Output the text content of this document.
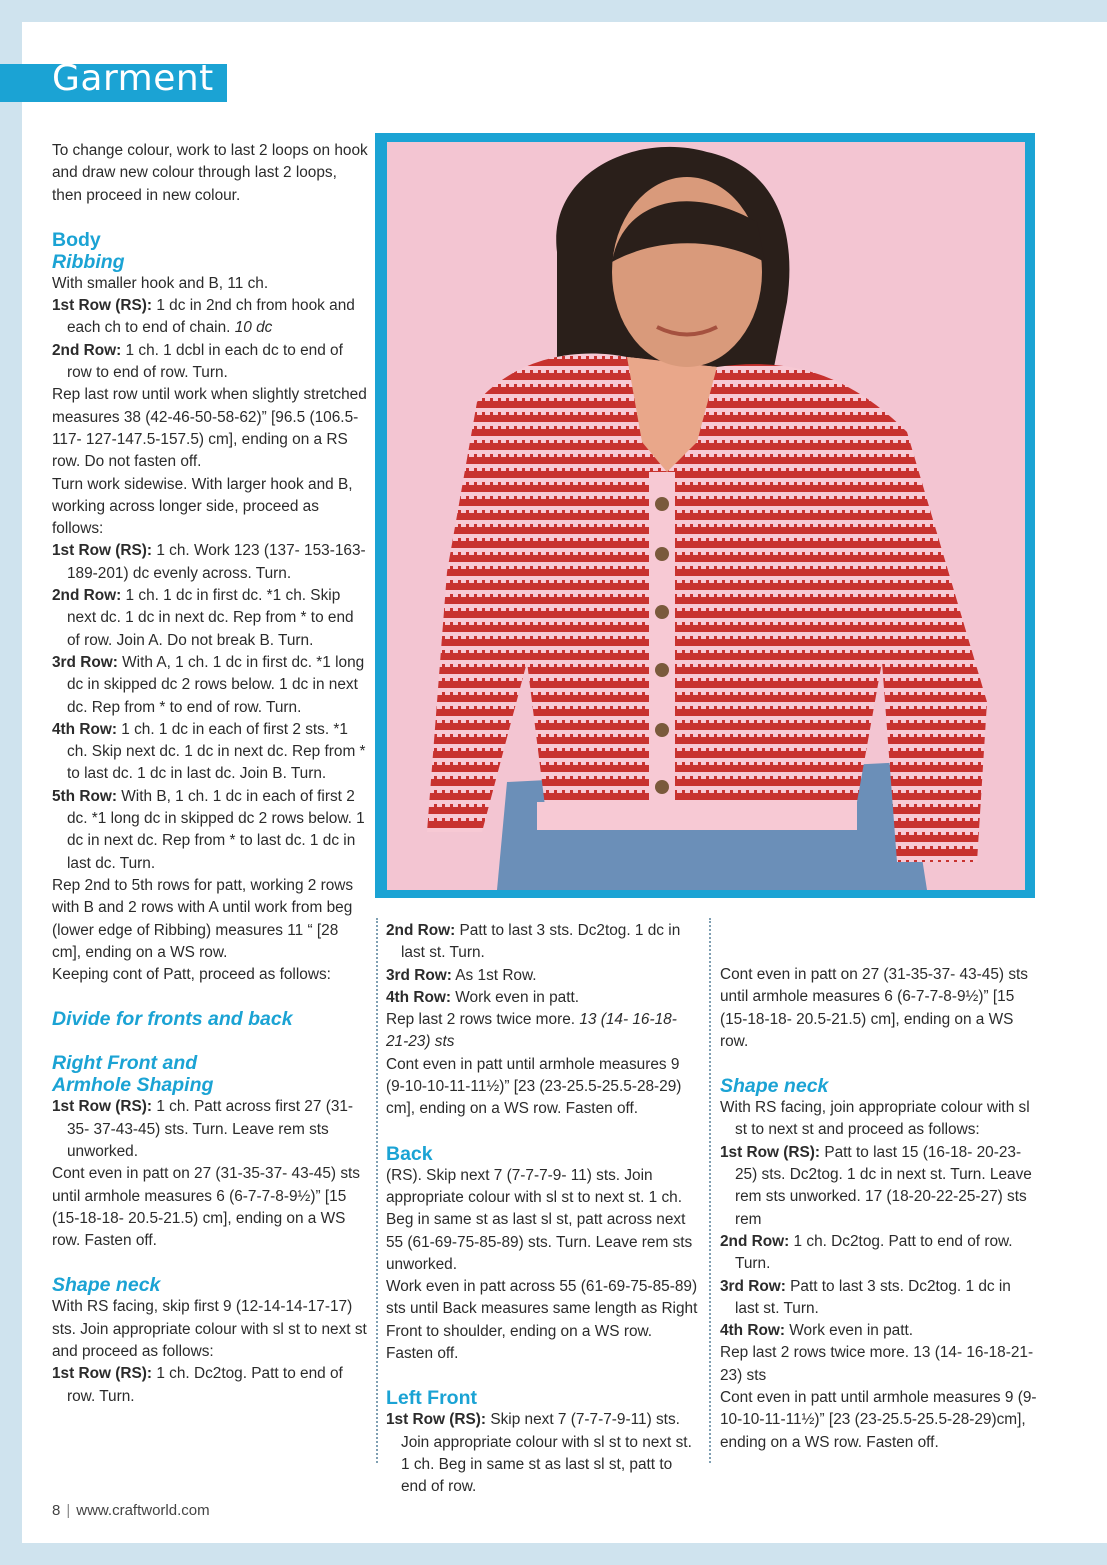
Garment

To change colour, work to last 2 loops on hook and draw new colour through last 2 loops, then proceed in new colour.

Body

Ribbing

With smaller hook and B, 11 ch.

1st Row (RS): 1 dc in 2nd ch from hook and each ch to end of chain. 10 dc

2nd Row: 1 ch. 1 dcbl in each dc to end of row to end of row. Turn.

Rep last row until work when slightly stretched measures 38 (42-46-50-58-62)” [96.5 (106.5-117- 127-147.5-157.5) cm], ending on a RS row. Do not fasten off.

Turn work sidewise. With larger hook and B, working across longer side, proceed as follows:

1st Row (RS): 1 ch. Work 123 (137- 153-163-189-201) dc evenly across. Turn.

2nd Row: 1 ch. 1 dc in first dc. *1 ch. Skip next dc. 1 dc in next dc. Rep from * to end of row. Join A. Do not break B. Turn.

3rd Row: With A, 1 ch. 1 dc in first dc. *1 long dc in skipped dc 2 rows below. 1 dc in next dc. Rep from * to end of row. Turn.

4th Row: 1 ch. 1 dc in each of first 2 sts. *1 ch. Skip next dc. 1 dc in next dc. Rep from * to last dc. 1 dc in last dc. Join B. Turn.

5th Row: With B, 1 ch. 1 dc in each of first 2 dc. *1 long dc in skipped dc 2 rows below. 1 dc in next dc. Rep from * to last dc. 1 dc in last dc. Turn.

Rep 2nd to 5th rows for patt, working 2 rows with B and 2 rows with A until work from beg (lower edge of Ribbing) measures 11 “ [28 cm], ending on a WS row.

Keeping cont of Patt, proceed as follows:

Divide for fronts and back

Right Front and

Armhole Shaping

1st Row (RS): 1 ch. Patt across first 27 (31-35- 37-43-45) sts. Turn. Leave rem sts unworked.

Cont even in patt on 27 (31-35-37- 43-45) sts until armhole measures 6 (6-7-7-8-9½)” [15 (15-18-18- 20.5-21.5) cm], ending on a WS row. Fasten off.

Shape neck

With RS facing, skip first 9 (12-14-14-17-17) sts. Join appropriate colour with sl st to next st and proceed as follows:

1st Row (RS): 1 ch. Dc2tog. Patt to end of row. Turn.

2nd Row: Patt to last 3 sts. Dc2tog. 1 dc in last st. Turn.

3rd Row: As 1st Row.

4th Row: Work even in patt.

Rep last 2 rows twice more. 13 (14- 16-18-21-23) sts

Cont even in patt until armhole measures 9 (9-10-10-11-11½)” [23 (23-25.5-25.5-28-29) cm], ending on a WS row. Fasten off.

Back

(RS). Skip next 7 (7-7-7-9- 11) sts. Join appropriate colour with sl st to next st. 1 ch. Beg in same st as last sl st, patt across next 55 (61-69-75-85-89) sts. Turn. Leave rem sts unworked.

Work even in patt across 55 (61-69-75-85-89) sts until Back measures same length as Right Front to shoulder, ending on a WS row. Fasten off.

Left Front

1st Row (RS): Skip next 7 (7-7-7-9-11) sts. Join appropriate colour with sl st to next st. 1 ch. Beg in same st as last sl st, patt to end of row.

Cont even in patt on 27 (31-35-37- 43-45) sts until armhole measures 6 (6-7-7-8-9½)” [15 (15-18-18- 20.5-21.5) cm], ending on a WS row.

Shape neck

With RS facing, join appropriate colour with sl st to next st and proceed as follows:

1st Row (RS): Patt to last 15 (16-18- 20-23-25) sts. Dc2tog. 1 dc in next st. Turn. Leave rem sts unworked. 17 (18-20-22-25-27) sts rem

2nd Row: 1 ch. Dc2tog. Patt to end of row. Turn.

3rd Row: Patt to last 3 sts. Dc2tog. 1 dc in last st. Turn.

4th Row: Work even in patt.

Rep last 2 rows twice more. 13 (14- 16-18-21-23) sts

Cont even in patt until armhole measures 9 (9-10-10-11-11½)” [23 (23-25.5-25.5-28-29)cm], ending on a WS row. Fasten off.

8 | www.craftworld.com
